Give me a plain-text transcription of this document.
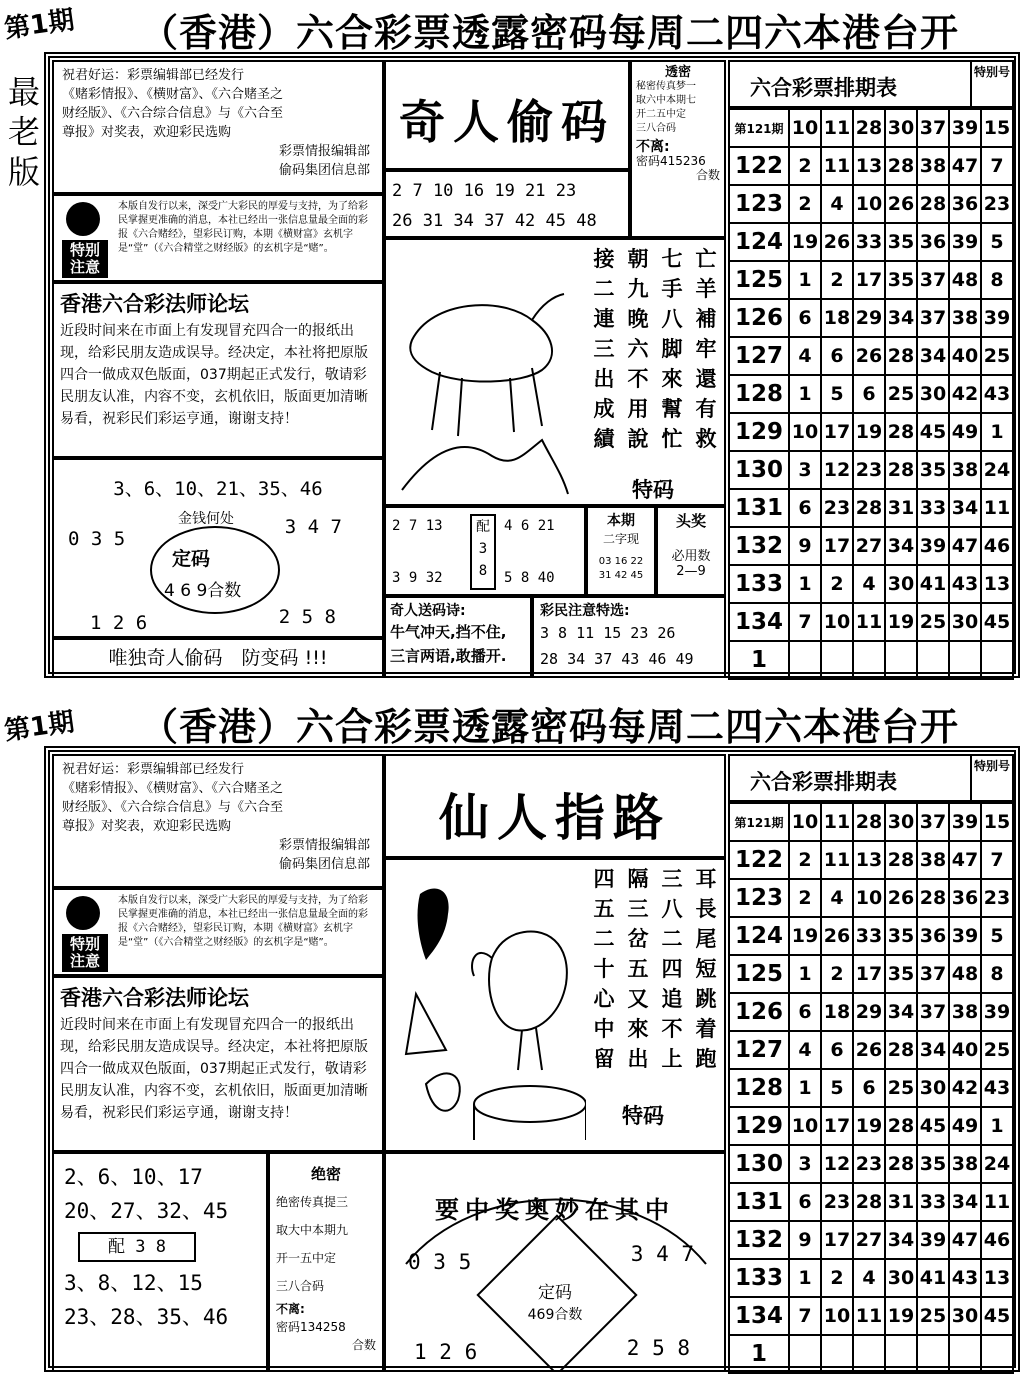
第1期 （香港）六合彩票透露密码每周二四六本港台开
最
老
版
祝君好运：彩票编辑部已经发行
《赌彩情报》、《横财富》、《六合赌圣之
财经版》、《六合综合信息》与《六合至
尊报》对奖表，欢迎彩民选购
彩票情报编辑部
偷码集团信息部
特别注意
本版自发行以来，深受广大彩民的厚爱与支持，为了给彩民掌握更准确的消息，本社已经出一张信息量最全面的彩报《六合赌经》，望彩民订购，本期《横财富》玄机字是“堂”（《六合精堂之财经版》的玄机字是“赌”。
香港六合彩法师论坛
近段时间来在市面上有发现冒充四合一的报纸出现，给彩民朋友造成误导。经决定，本社将把原版四合一做成双色版面，037期起正式发行，敬请彩民朋友认准，内容不变，玄机依旧，版面更加清晰易看，祝彩民们彩运亨通，谢谢支持！
3、6、10、21、35、46
金钱何处
0 3 5
3 4 7
定码
4 6 9合数
1 2 6	2 5 8
唯独奇人偷码　防变码 !!!
奇人偷码
2 7 10 16 19 21 23
26 31 34 37 42 45 48
透密
秘密传真梦一
取六中本期七
开二五中定
三八合码
不离:
密码415236
合数
亡羊補牢還有救
七手八脚來幫忙
朝九晚六不用說
接二連三出成績
特码
2 7 13
3 9 32
配
3
8
4 6 21
5 8 40
本期
二字现
03 16 22
31 42 45
头奖
必用数
2—9
奇人送码诗:
牛气冲天,挡不住,
三言两语,敢播开.
彩民注意特选:
3 8 11 15 23 26
28 34 37 43 46 49
六合彩票排期表
特别号
第121期	10	11	28	30	37	39	15
122	2	11	13	28	38	47	7
123	2	4	10	26	28	36	23
124	19	26	33	35	36	39	5
125	1	2	17	35	37	48	8
126	6	18	29	34	37	38	39
127	4	6	26	28	34	40	25
128	1	5	6	25	30	42	43
129	10	17	19	28	45	49	1
130	3	12	23	28	35	38	24
131	6	23	28	31	33	34	11
132	9	17	27	34	39	47	46
133	1	2	4	30	41	43	13
134	7	10	11	19	25	30	45
1							
第1期 （香港）六合彩票透露密码每周二四六本港台开
祝君好运：彩票编辑部已经发行
《赌彩情报》、《横财富》、《六合赌圣之
财经版》、《六合综合信息》与《六合至
尊报》对奖表，欢迎彩民选购
彩票情报编辑部
偷码集团信息部
特别注意
本版自发行以来，深受广大彩民的厚爱与支持，为了给彩民掌握更准确的消息，本社已经出一张信息量最全面的彩报《六合赌经》，望彩民订购，本期《横财富》玄机字是“堂”（《六合精堂之财经版》的玄机字是“赌”。
香港六合彩法师论坛
近段时间来在市面上有发现冒充四合一的报纸出现，给彩民朋友造成误导。经决定，本社将把原版四合一做成双色版面，037期起正式发行，敬请彩民朋友认准，内容不变，玄机依旧，版面更加清晰易看，祝彩民们彩运亨通，谢谢支持！
2、6、10、17
20、27、32、45
配 3 8
3、8、12、15
23、28、35、46
绝密
绝密传真提三
取大中本期九
开一五中定
三八合码
不离:
密码134258
合数
仙人指路
耳長尾短跳着跑
三八二四追不上
隔三岔五又來出
四五二十心中留
特码
要中奖奥妙在其中
0 3 5	3 4 7
定码
469合数
1 2 6	2 5 8
六合彩票排期表
特别号
第121期	10	11	28	30	37	39	15
122	2	11	13	28	38	47	7
123	2	4	10	26	28	36	23
124	19	26	33	35	36	39	5
125	1	2	17	35	37	48	8
126	6	18	29	34	37	38	39
127	4	6	26	28	34	40	25
128	1	5	6	25	30	42	43
129	10	17	19	28	45	49	1
130	3	12	23	28	35	38	24
131	6	23	28	31	33	34	11
132	9	17	27	34	39	47	46
133	1	2	4	30	41	43	13
134	7	10	11	19	25	30	45
1							
